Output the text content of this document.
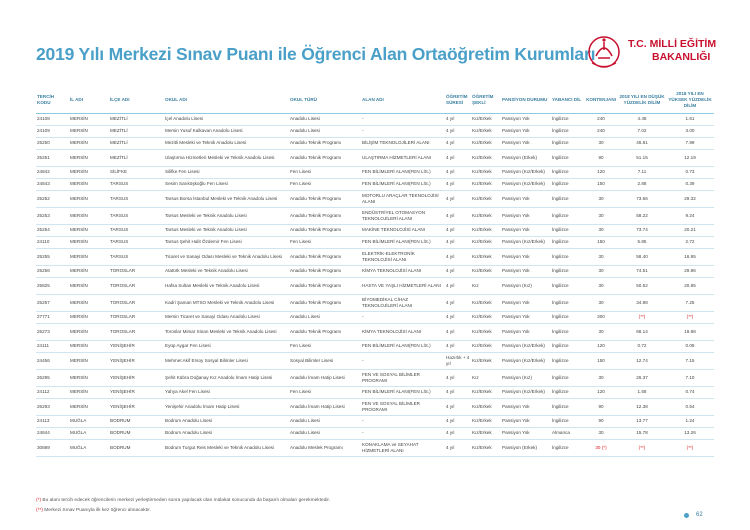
2019 Yılı Merkezi Sınav Puanı ile Öğrenci Alan Ortaöğretim Kurumları	T.C. MİLLİ EĞİTİM
BAKANLIĞI
TERCİH KODU	İL ADI	İLÇE ADI	OKUL ADI	OKUL TÜRÜ	ALAN ADI	ÖĞRETİM SÜRESİ	ÖĞRETİM ŞEKLİ	PANSİYON DURUMU	YABANCI DİL	KONTENJANI	2018 YILI EN DÜŞÜK YÜZDELİK DİLİM	2018 YILI EN YÜKSEK YÜZDELİK DİLİM
24108	MERSİN	MEZİTLİ	İçel Anadolu Lisesi	Anadolu Lisesi	-	4 yıl	Kız/Erkek	Pansiyon Yok	İngilizce	240	4.48	1.61
24109	MERSİN	MEZİTLİ	Mersin Yusuf Kalkavan Anadolu Lisesi	Anadolu Lisesi	-	4 yıl	Kız/Erkek	Pansiyon Yok	İngilizce	240	7.02	3.00
25250	MERSİN	MEZİTLİ	Mezitli Mesleki ve Teknik Anadolu Lisesi	Anadolu Teknik Programı	BİLİŞİM TEKNOLOJİLERİ ALANI	4 yıl	Kız/Erkek	Pansiyon Yok	İngilizce	30	46.81	7.99
25251	MERSİN	MEZİTLİ	Ulaştırma Hizmetleri Mesleki ve Teknik Anadolu Lisesi	Anadolu Teknik Programı	ULAŞTIRMA HİZMETLERİ ALANI	4 yıl	Kız/Erkek	Pansiyon (Erkek)	İngilizce	90	51.15	12.19
24842	MERSİN	SİLİFKE	Silifke Fen Lisesi	Fen Lisesi	FEN BİLİMLERİ ALANI(FEN LİS.)	4 yıl	Kız/Erkek	Pansiyon (Kız/Erkek)	İngilizce	120	7.11	0.73
24843	MERSİN	TARSUS	Sesim Sarıköşkoğlu Fen Lisesi	Fen Lisesi	FEN BİLİMLERİ ALANI(FEN LİS.)	4 yıl	Kız/Erkek	Pansiyon (Kız/Erkek)	İngilizce	150	2.88	0.39
25252	MERSİN	TARSUS	Tarsus Borsa İstanbul Mesleki ve Teknik Anadolu Lisesi	Anadolu Teknik Programı	MOTORLU ARAÇLAR TEKNOLOJİSİ ALANI	4 yıl	Kız/Erkek	Pansiyon Yok	İngilizce	30	73.66	29.32
25253	MERSİN	TARSUS	Tarsus Mesleki ve Teknik Anadolu Lisesi	Anadolu Teknik Programı	ENDÜSTRİYEL OTOMASYON TEKNOLOJİLERİ ALANI	4 yıl	Kız/Erkek	Pansiyon Yok	İngilizce	30	58.22	9.24
25254	MERSİN	TARSUS	Tarsus Mesleki ve Teknik Anadolu Lisesi	Anadolu Teknik Programı	MAKİNE TEKNOLOJİSİ ALANI	4 yıl	Kız/Erkek	Pansiyon Yok	İngilizce	30	73.74	20.21
24110	MERSİN	TARSUS	Tarsus Şehit Halit Özdemir Fen Lisesi	Fen Lisesi	FEN BİLİMLERİ ALANI(FEN LİS.)	4 yıl	Kız/Erkek	Pansiyon (Kız/Erkek)	İngilizce	150	5.85	2.72
25255	MERSİN	TARSUS	Ticaret ve Sanayi Odası Mesleki ve Teknik Anadolu Lisesi	Anadolu Teknik Programı	ELEKTRİK-ELEKTRONİK TEKNOLOJİSİ ALANI	4 yıl	Kız/Erkek	Pansiyon Yok	İngilizce	30	58.40	16.95
25256	MERSİN	TOROSLAR	Atatürk Mesleki ve Teknik Anadolu Lisesi	Anadolu Teknik Programı	KİMYA TEKNOLOJİSİ ALANI	4 yıl	Kız/Erkek	Pansiyon Yok	İngilizce	30	74.51	29.86
25825	MERSİN	TOROSLAR	Hafsa Sultan Mesleki ve Teknik Anadolu Lisesi	Anadolu Teknik Programı	HASTA VE YAŞLI HİZMETLERİ ALANI	4 yıl	Kız	Pansiyon (Kız)	İngilizce	30	50.52	20.85
25257	MERSİN	TOROSLAR	Kadri Şaman MTSO Mesleki ve Teknik Anadolu Lisesi	Anadolu Teknik Programı	BİYOMEDİKAL CİHAZ TEKNOLOJİLERİ ALANI	4 yıl	Kız/Erkek	Pansiyon Yok	İngilizce	30	34.98	7.25
27771	MERSİN	TOROSLAR	Mersin Ticaret ve Sanayi Odası Anadolu Lisesi	Anadolu Lisesi	-	4 yıl	Kız/Erkek	Pansiyon Yok	İngilizce	300	(**)	(**)
25273	MERSİN	TOROSLAR	Toroslar Mimar Sinan Mesleki ve Teknik Anadolu Lisesi	Anadolu Teknik Programı	KİMYA TEKNOLOJİSİ ALANI	4 yıl	Kız/Erkek	Pansiyon Yok	İngilizce	30	68.14	19.88
24111	MERSİN	YENİŞEHİR	Eyüp Aygar Fen Lisesi	Fen Lisesi	FEN BİLİMLERİ ALANI(FEN LİS.)	4 yıl	Kız/Erkek	Pansiyon (Kız/Erkek)	İngilizce	120	0.72	0.08
24456	MERSİN	YENİŞEHİR	Mehmet Akif Ersoy Sosyal Bilimler Lisesi	Sosyal Bilimler Lisesi	-	Hazırlık + 4 yıl	Kız/Erkek	Pansiyon (Kız/Erkek)	İngilizce	150	12.74	7.15
26295	MERSİN	YENİŞEHİR	Şehit Kübra Doğanay Kız Anadolu İmam Hatip Lisesi	Anadolu İmam Hatip Lisesi	FEN VE SOSYAL BİLİMLER PROGRAMI	4 yıl	Kız	Pansiyon (Kız)	İngilizce	30	26.37	7.10
24112	MERSİN	YENİŞEHİR	Yahya Akel Fen Lisesi	Fen Lisesi	FEN BİLİMLERİ ALANI(FEN LİS.)	4 yıl	Kız/Erkek	Pansiyon (Kız/Erkek)	İngilizce	120	1.58	0.74
26293	MERSİN	YENİŞEHİR	Yenişehir Anadolu İmam Hatip Lisesi	Anadolu İmam Hatip Lisesi	FEN VE SOSYAL BİLİMLER PROGRAMI	4 yıl	Kız/Erkek	Pansiyon Yok	İngilizce	90	12.38	0.54
24113	MUĞLA	BODRUM	Bodrum Anadolu Lisesi	Anadolu Lisesi	-	4 yıl	Kız/Erkek	Pansiyon Yok	İngilizce	90	13.77	1.24
24844	MUĞLA	BODRUM	Bodrum Anadolu Lisesi	Anadolu Lisesi	-	4 yıl	Kız/Erkek	Pansiyon Yok	Almanca	30	15.78	13.26
30889	MUĞLA	BODRUM	Bodrum Turgut Reis Mesleki ve Teknik Anadolu Lisesi	Anadolu Meslek Programı	KONAKLAMA ve SEYAHAT HİZMETLERİ ALANI	4 yıl	Kız/Erkek	Pansiyon (Erkek)	İngilizce	30 (*)	(**)	(**)
(*) Bu alanı tercih edecek öğrencilerin merkezi yerleştirmeden sonra yapılacak olan mülakat sonucunda da başarılı olmaları gerekmektedir.
(**) Merkezi Sınav Puanıyla ilk kez öğrenci alınacaktır.
62
